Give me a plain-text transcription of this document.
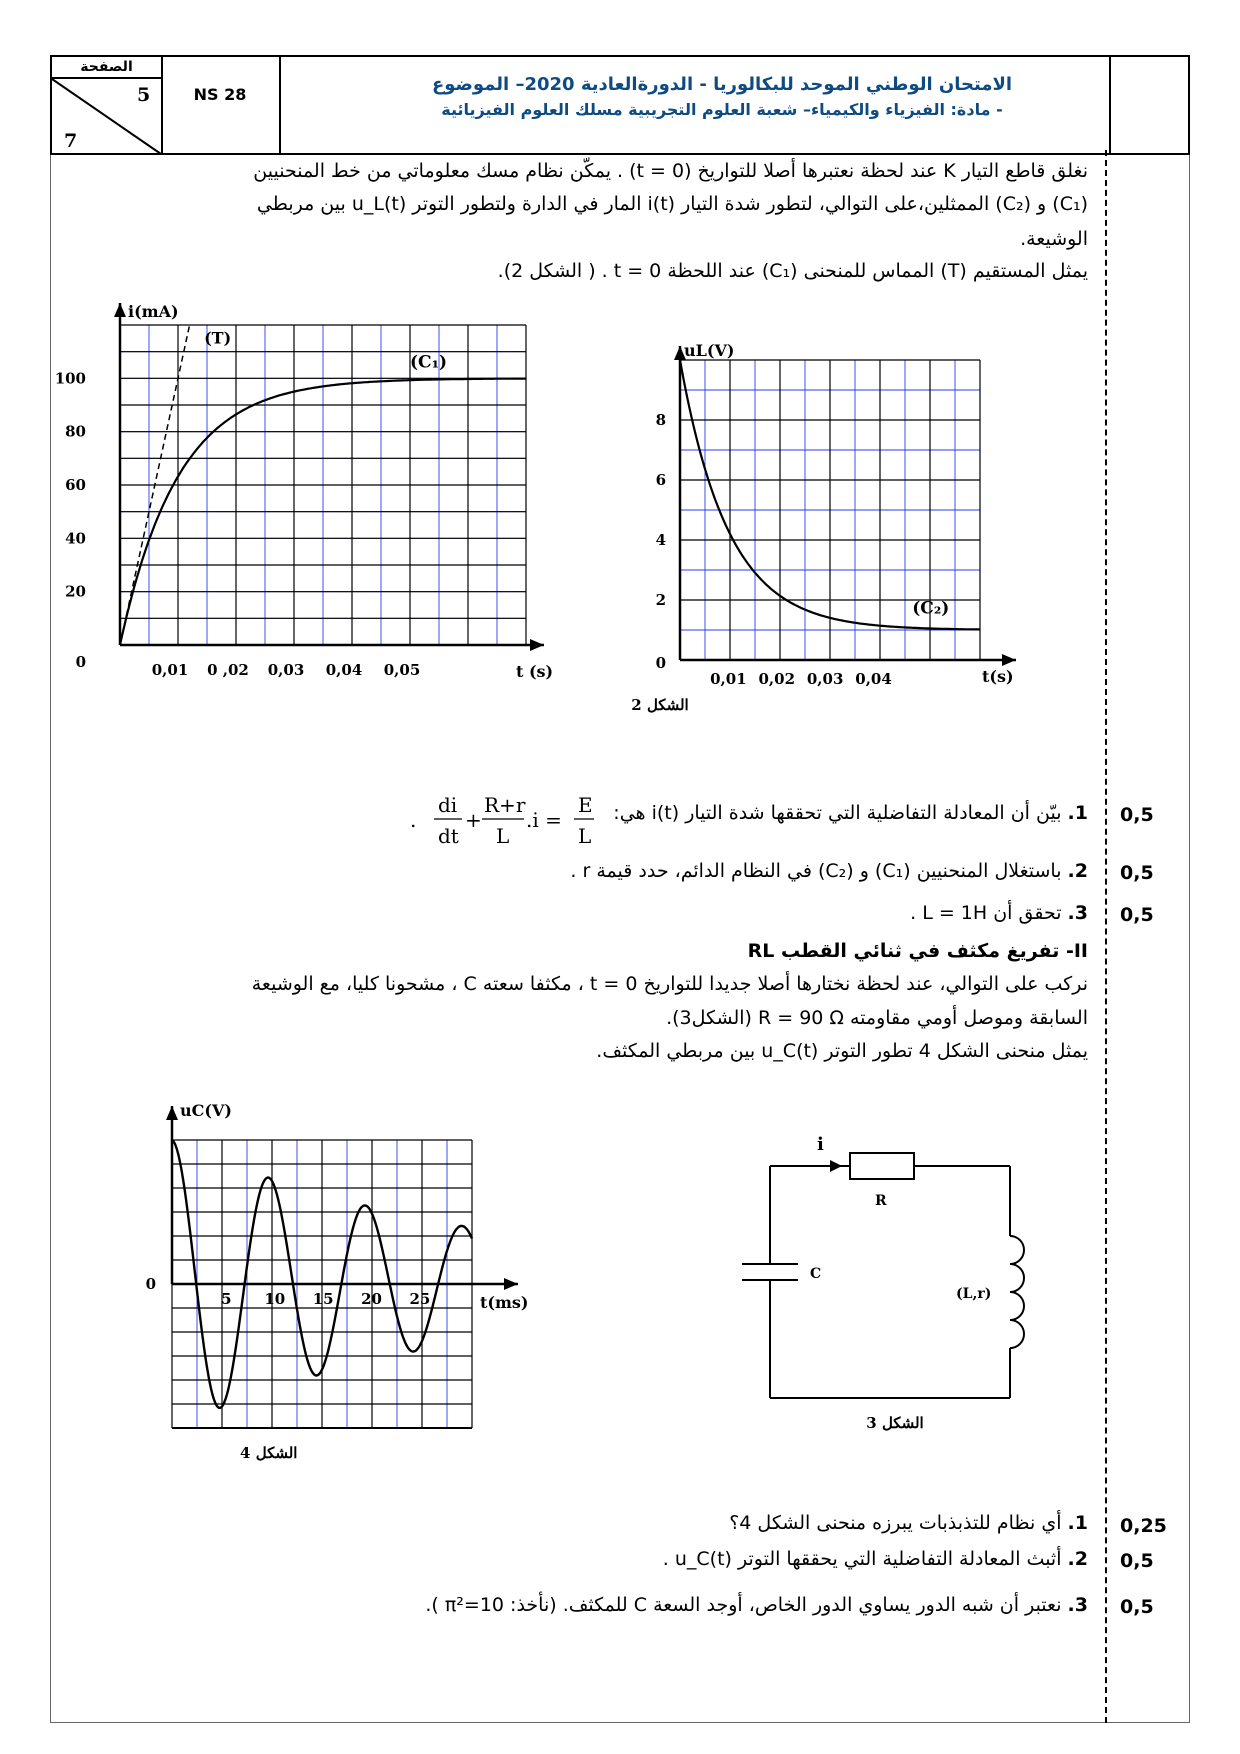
الصفحة
5
7
NS 28	الامتحان الوطني الموحد للبكالوريا - الدورةالعادية 2020– الموضوع
- مادة: الفيزياء والكيمياء– شعبة العلوم التجريبية مسلك العلوم الفيزيائية
نغلق قاطع التيار K عند لحظة نعتبرها أصلا للتواريخ (t = 0) . يمكّن نظام مسك معلوماتي من خط المنحنيين
(C₁) و (C₂) الممثلين،على التوالي، لتطور شدة التيار i(t) المار في الدارة ولتطور التوتر u_L(t) بين مربطي
الوشيعة.
يمثل المستقيم (T) المماس للمنحنى (C₁) عند اللحظة t = 0 . ( الشكل 2).
0
20
40
60
80
100
0,01 0 ,02 0,03 0,04 0,05
i(mA)
t (s)
(T)
(C₁)
0
2
4
6
8
0,01 0,02 0,03 0,04
uL(V)
t(s)
(C₂)
الشكل 2
0,5
1. بيّن أن المعادلة التفاضلية التي تحققها شدة التيار i(t) هي:
.
di
dt
+
R+r
L
.i =
E
L
0,5
2. باستغلال المنحنيين (C₁) و (C₂) في النظام الدائم، حدد قيمة r .
0,5
3. تحقق أن L = 1H .
II- تفريغ مكثف في ثنائي القطب RL
نركب على التوالي، عند لحظة نختارها أصلا جديدا للتواريخ t = 0 ، مكثفا سعته C ، مشحونا كليا، مع الوشيعة
السابقة وموصل أومي مقاومته R = 90 Ω (الشكل3).
يمثل منحنى الشكل 4 تطور التوتر u_C(t) بين مربطي المكثف.
0
5 10 15 20 25
uC(V)
t(ms)
الشكل 4
i
R
C
(L,r)
الشكل 3
0,25
1. أي نظام للتذبذبات يبرزه منحنى الشكل 4؟
0,5
2. أثبث المعادلة التفاضلية التي يحققها التوتر u_C(t) .
0,5
3. نعتبر أن شبه الدور يساوي الدور الخاص، أوجد السعة C للمكثف. (نأخذ: π²=10 ).
